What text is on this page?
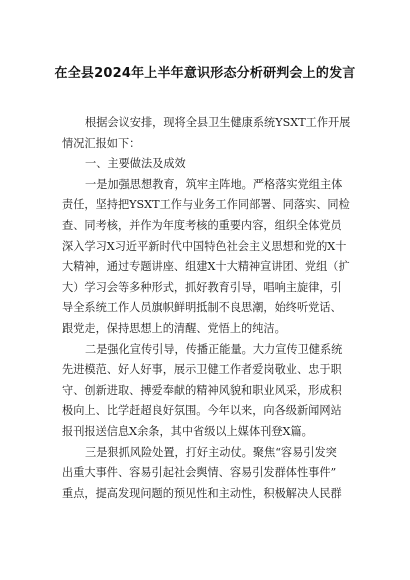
在全县2024年上半年意识形态分析研判会上的发言
根据会议安排，现将全县卫生健康系统YSXT工作开展
情况汇报如下：
一、主要做法及成效
一是加强思想教育，筑牢主阵地。严格落实党组主体
责任，坚持把YSXT工作与业务工作同部署、同落实、同检
查、同考核，并作为年度考核的重要内容，组织全体党员
深入学习X习近平新时代中国特色社会主义思想和党的X十
大精神，通过专题讲座、组建X十大精神宣讲团、党组（扩
大）学习会等多种形式，抓好教育引导，唱响主旋律，引
导全系统工作人员旗帜鲜明抵制不良思潮，始终听党话、
跟党走，保持思想上的清醒、党悟上的纯洁。
二是强化宣传引导，传播正能量。大力宣传卫健系统
先进模范、好人好事，展示卫健工作者爱岗敬业、忠于职
守、创新进取、搏爱奉献的精神风貌和职业风采，形成积
极向上、比学赶超良好氛围。今年以来，向各级新闻网站
报刊报送信息X余条，其中省级以上媒体刊登X篇。
三是狠抓风险处置，打好主动仗。聚焦“容易引发突
出重大事件、容易引起社会舆情、容易引发群体性事件”
重点，提高发现问题的预见性和主动性，积极解决人民群
